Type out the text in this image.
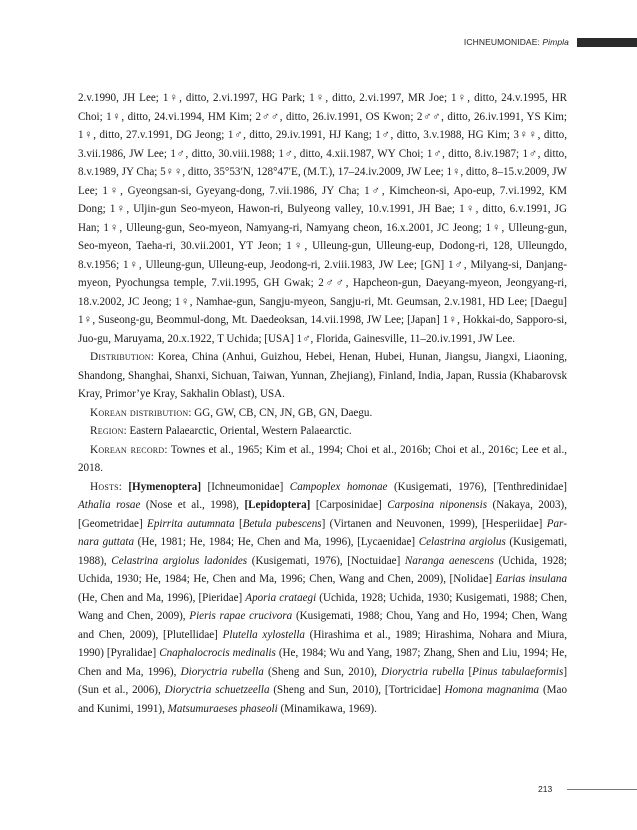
ICHNEUMONIDAE: Pimpla

2.v.1990, JH Lee; 1♀, ditto, 2.vi.1997, HG Park; 1♀, ditto, 2.vi.1997, MR Joe; 1♀, ditto, 24.v.1995, HR Choi; 1♀, ditto, 24.vi.1994, HM Kim; 2♂♂, ditto, 26.iv.1991, OS Kwon; 2♂♂, ditto, 26.iv.1991, YS Kim; 1♀, ditto, 27.v.1991, DG Jeong; 1♂, ditto, 29.iv.1991, HJ Kang; 1♂, ditto, 3.v.1988, HG Kim; 3♀♀, ditto, 3.vii.1986, JW Lee; 1♂, ditto, 30.viii.1988; 1♂, ditto, 4.xii.1987, WY Choi; 1♂, ditto, 8.iv.1987; 1♂, ditto, 8.v.1989, JY Cha; 5♀♀, ditto, 35°53′N, 128°47′E, (M.T.), 17–24.iv.2009, JW Lee; 1♀, ditto, 8–15.v.2009, JW Lee; 1♀, Gyeongsan-si, Gyeyang-dong, 7.vii.1986, JY Cha; 1♂, Kimcheon-si, Apo-eup, 7.vi.1992, KM Dong; 1♀, Uljin-gun Seo-myeon, Hawon-ri, Bulyeong valley, 10.v.1991, JH Bae; 1♀, ditto, 6.v.1991, JG Han; 1♀, Ulleung-gun, Seo-myeon, Namyang-ri, Namyang cheon, 16.x.2001, JC Jeong; 1♀, Ulleung-gun, Seo-myeon, Taeha-ri, 30.vii.2001, YT Jeon; 1♀, Ulleung-gun, Ulleung-eup, Dodong-ri, 128, Ulleungdo, 8.v.1956; 1♀, Ulleung-gun, Ulleung-eup, Jeodong-ri, 2.viii.1983, JW Lee; [GN] 1♂, Milyang-si, Danjang-myeon, Pyochungsa temple, 7.vii.1995, GH Gwak; 2♂♂, Hapcheon-gun, Daeyang-myeon, Jeongyang-ri, 18.v.2002, JC Jeong; 1♀, Namhae-gun, Sangju-myeon, Sangju-ri, Mt. Geumsan, 2.v.1981, HD Lee; [Daegu] 1♀, Suseong-gu, Beommul-dong, Mt. Daedeoksan, 14.vii.1998, JW Lee; [Japan] 1♀, Hokkai-do, Sapporo-si, Juo-gu, Maruyama, 20.x.1922, T Uchida; [USA] 1♂, Florida, Gainesville, 11–20.iv.1991, JW Lee.

Distribution: Korea, China (Anhui, Guizhou, Hebei, Henan, Hubei, Hunan, Jiangsu, Jiangxi, Liaoning, Shandong, Shanghai, Shanxi, Sichuan, Taiwan, Yunnan, Zhejiang), Finland, India, Japan, Russia (Khabarovsk Kray, Primor’ye Kray, Sakhalin Oblast), USA.

Korean distribution: GG, GW, CB, CN, JN, GB, GN, Daegu.

Region: Eastern Palaearctic, Oriental, Western Palaearctic.

Korean record: Townes et al., 1965; Kim et al., 1994; Choi et al., 2016b; Choi et al., 2016c; Lee et al., 2018.

Hosts: [Hymenoptera] [Ichneumonidae] Campoplex homonae (Kusigemati, 1976), [Tenthredinidae] Athalia rosae (Nose et al., 1998), [Lepidoptera] [Carposinidae] Carposina niponensis (Nakaya, 2003), [Geometridae] Epirrita autumnata [Betula pubescens] (Virtanen and Neuvonen, 1999), [Hesperiidae] Parnara guttata (He, 1981; He, 1984; He, Chen and Ma, 1996), [Lycaenidae] Celastrina argiolus (Kusigemati, 1988), Celastrina argiolus ladonides (Kusigemati, 1976), [Noctuidae] Naranga aenescens (Uchida, 1928; Uchida, 1930; He, 1984; He, Chen and Ma, 1996; Chen, Wang and Chen, 2009), [Nolidae] Earias insulana (He, Chen and Ma, 1996), [Pieridae] Aporia crataegi (Uchida, 1928; Uchida, 1930; Kusigemati, 1988; Chen, Wang and Chen, 2009), Pieris rapae crucivora (Kusigemati, 1988; Chou, Yang and Ho, 1994; Chen, Wang and Chen, 2009), [Plutellidae] Plutella xylostella (Hirashima et al., 1989; Hirashima, Nohara and Miura, 1990) [Pyralidae] Cnaphalocrocis medinalis (He, 1984; Wu and Yang, 1987; Zhang, Shen and Liu, 1994; He, Chen and Ma, 1996), Dioryctria rubella (Sheng and Sun, 2010), Dioryctria rubella [Pinus tabulaeformis] (Sun et al., 2006), Dioryctria schuetzeella (Sheng and Sun, 2010), [Tortricidae] Homona magnanima (Mao and Kunimi, 1991), Matsumuraeses phaseoli (Minamikawa, 1969).

213
